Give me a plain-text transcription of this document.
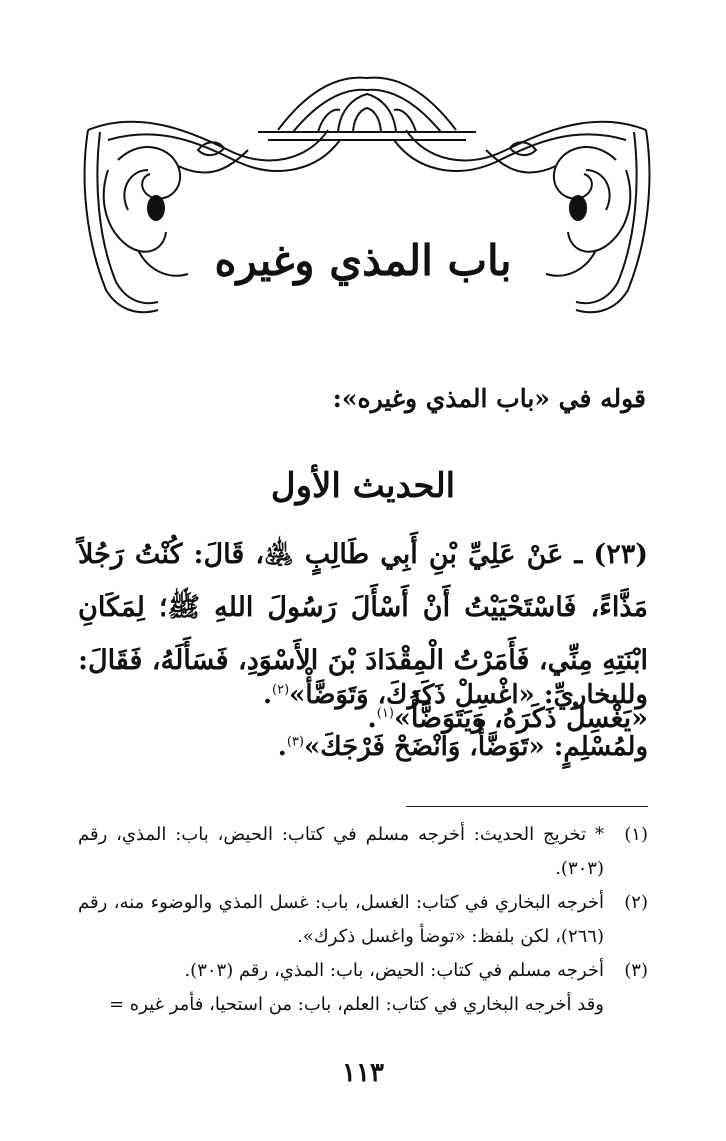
باب المذي وغيره
قوله في «باب المذي وغيره»:
الحديث الأول
(٢٣) ـ عَنْ عَلِيِّ بْنِ أَبِي طَالِبٍ ﵁، قَالَ: كُنْتُ رَجُلاً مَذَّاءً، فَاسْتَحْيَيْتُ أَنْ أَسْأَلَ رَسُولَ اللهِ ﷺ؛ لِمَكَانِ ابْنَتِهِ مِنِّي، فَأَمَرْتُ الْمِقْدَادَ بْنَ الأَسْوَدِ، فَسَأَلَهُ، فَقَالَ: «يَغْسِلُ ذَكَرَهُ، وَيَتَوَضَّأُ»$^{(١)}$.
وللبخاريِّ: «اغْسِلْ ذَكَرَكَ، وَتَوَضَّأْ»$^{(٢)}$.
ولمُسْلِمٍ: «تَوَضَّأْ، وَانْضَحْ فَرْجَكَ»$^{(٣)}$.
(١)
* تخريج الحديث: أخرجه مسلم في كتاب: الحيض، باب: المذي، رقم (٣٠٣).
(٢)
أخرجه البخاري في كتاب: الغسل، باب: غسل المذي والوضوء منه، رقم (٢٦٦)، لكن بلفظ: «توضأ واغسل ذكرك».
(٣)
أخرجه مسلم في كتاب: الحيض، باب: المذي، رقم (٣٠٣).
وقد أخرجه البخاري في كتاب: العلم، باب: من استحيا، فأمر غيره =
١١٣
